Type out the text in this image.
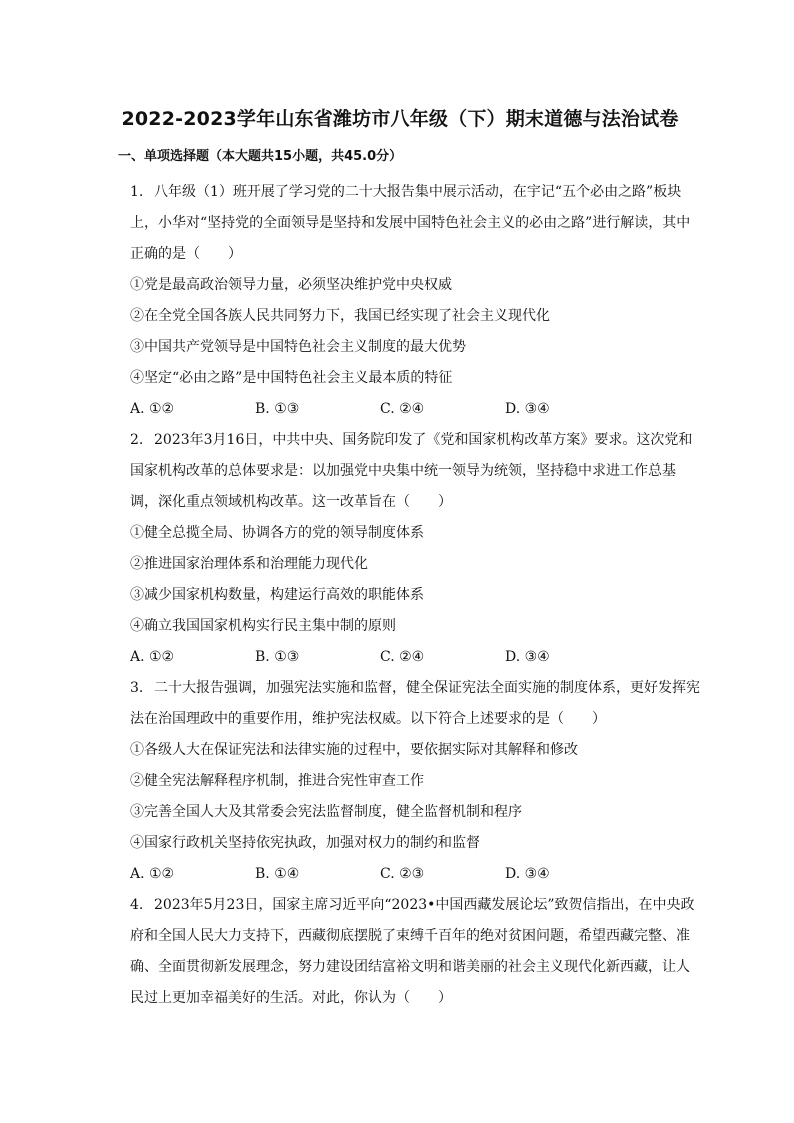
2022-2023学年山东省潍坊市八年级（下）期末道德与法治试卷
一、单项选择题（本大题共15小题，共45.0分）

1. 八年级（1）班开展了学习党的二十大报告集中展示活动，在宇记“五个必由之路”板块上，小华对“坚持党的全面领导是坚持和发展中国特色社会主义的必由之路”进行解读，其中正确的是（　　）

①党是最高政治领导力量，必须坚决维护党中央权威

②在全党全国各族人民共同努力下，我国已经实现了社会主义现代化

③中国共产党领导是中国特色社会主义制度的最大优势

④坚定“必由之路”是中国特色社会主义最本质的特征

A. ①②	B. ①③	C. ②④	D. ③④

2. 2023年3月16日，中共中央、国务院印发了《党和国家机构改革方案》要求。这次党和国家机构改革的总体要求是：以加强党中央集中统一领导为统领，坚持稳中求进工作总基调，深化重点领域机构改革。这一改革旨在（　　）

①健全总揽全局、协调各方的党的领导制度体系

②推进国家治理体系和治理能力现代化

③减少国家机构数量，构建运行高效的职能体系

④确立我国国家机构实行民主集中制的原则

A. ①②	B. ①③	C. ②④	D. ③④

3. 二十大报告强调，加强宪法实施和监督，健全保证宪法全面实施的制度体系，更好发挥宪法在治国理政中的重要作用，维护宪法权威。以下符合上述要求的是（　　）

①各级人大在保证宪法和法律实施的过程中，要依据实际对其解释和修改

②健全宪法解释程序机制，推进合宪性审查工作

③完善全国人大及其常委会宪法监督制度，健全监督机制和程序

④国家行政机关坚持依宪执政，加强对权力的制约和监督

A. ①②	B. ①④	C. ②③	D. ③④

4. 2023年5月23日，国家主席习近平向“2023•中国西藏发展论坛”致贺信指出，在中央政府和全国人民大力支持下，西藏彻底摆脱了束缚千百年的绝对贫困问题，希望西藏完整、准确、全面贯彻新发展理念，努力建设团结富裕文明和谐美丽的社会主义现代化新西藏，让人民过上更加幸福美好的生活。对此，你认为（　　）
